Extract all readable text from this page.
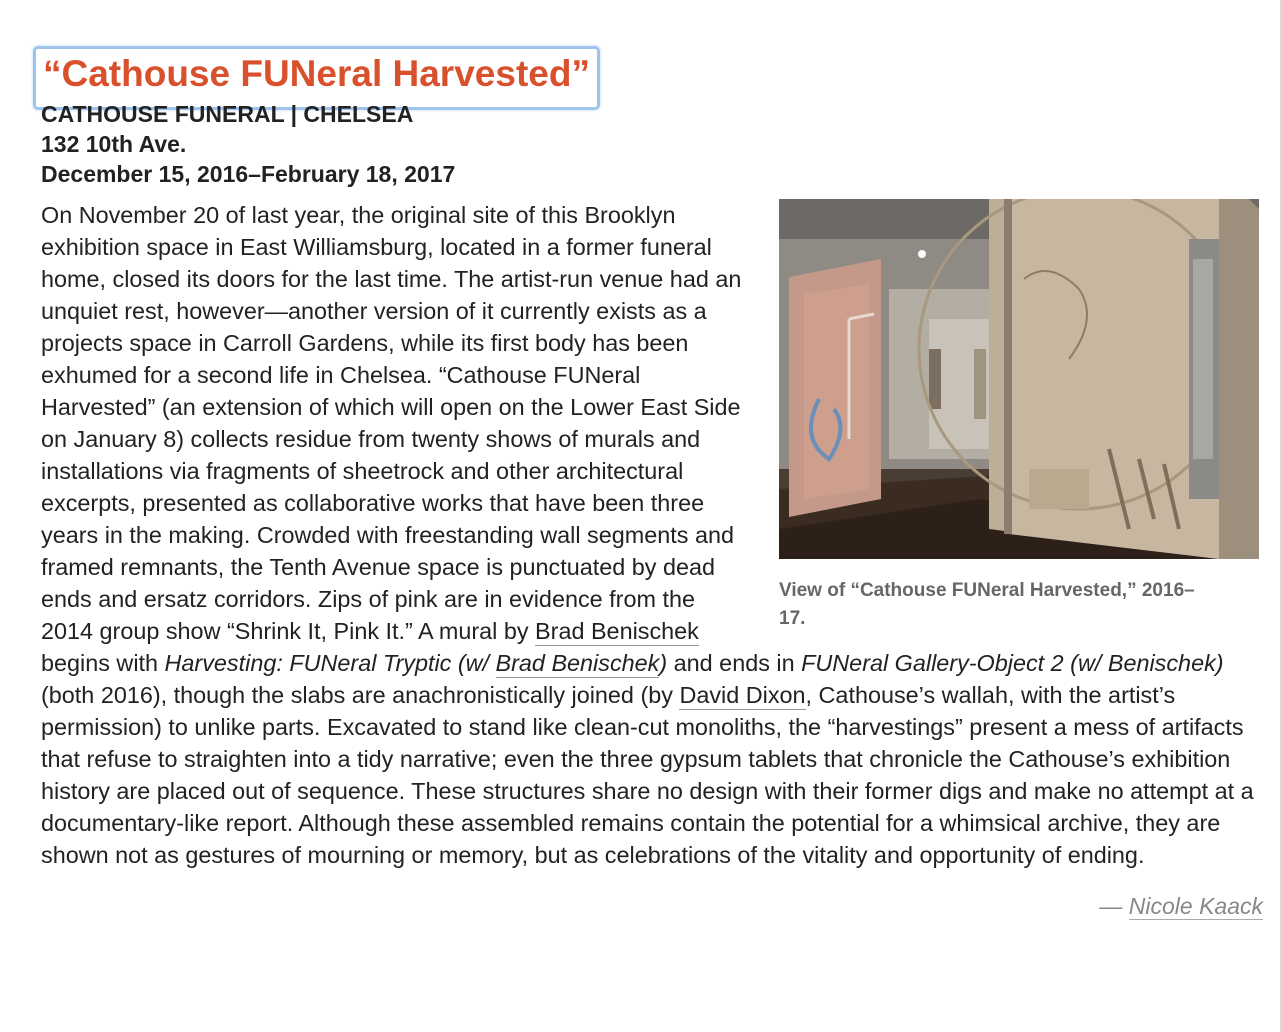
“Cathouse FUNeral Harvested”
CATHOUSE FUNERAL | CHELSEA
132 10th Ave.
December 15, 2016–February 18, 2017
View of “Cathouse FUNeral Harvested,” 2016–17.
On November 20 of last year, the original site of this Brooklyn exhibition space in East Williamsburg, located in a former funeral home, closed its doors for the last time. The artist-run venue had an unquiet rest, however—another version of it currently exists as a projects space in Carroll Gardens, while its first body has been exhumed for a second life in Chelsea. “Cathouse FUNeral Harvested” (an extension of which will open on the Lower East Side on January 8) collects residue from twenty shows of murals and installations via fragments of sheetrock and other architectural excerpts, presented as collaborative works that have been three years in the making. Crowded with freestanding wall segments and framed remnants, the Tenth Avenue space is punctuated by dead ends and ersatz corridors. Zips of pink are in evidence from the 2014 group show “Shrink It, Pink It.” A mural by Brad Benischek begins with Harvesting: FUNeral Tryptic (w/ Brad Benischek) and ends in FUNeral Gallery-Object 2 (w/ Benischek) (both 2016), though the slabs are anachronistically joined (by David Dixon, Cathouse’s wallah, with the artist’s permission) to unlike parts. Excavated to stand like clean-cut monoliths, the “harvestings” present a mess of artifacts that refuse to straighten into a tidy narrative; even the three gypsum tablets that chronicle the Cathouse’s exhibition history are placed out of sequence. These structures share no design with their former digs and make no attempt at a documentary-like report. Although these assembled remains contain the potential for a whimsical archive, they are shown not as gestures of mourning or memory, but as celebrations of the vitality and opportunity of ending.
— Nicole Kaack
